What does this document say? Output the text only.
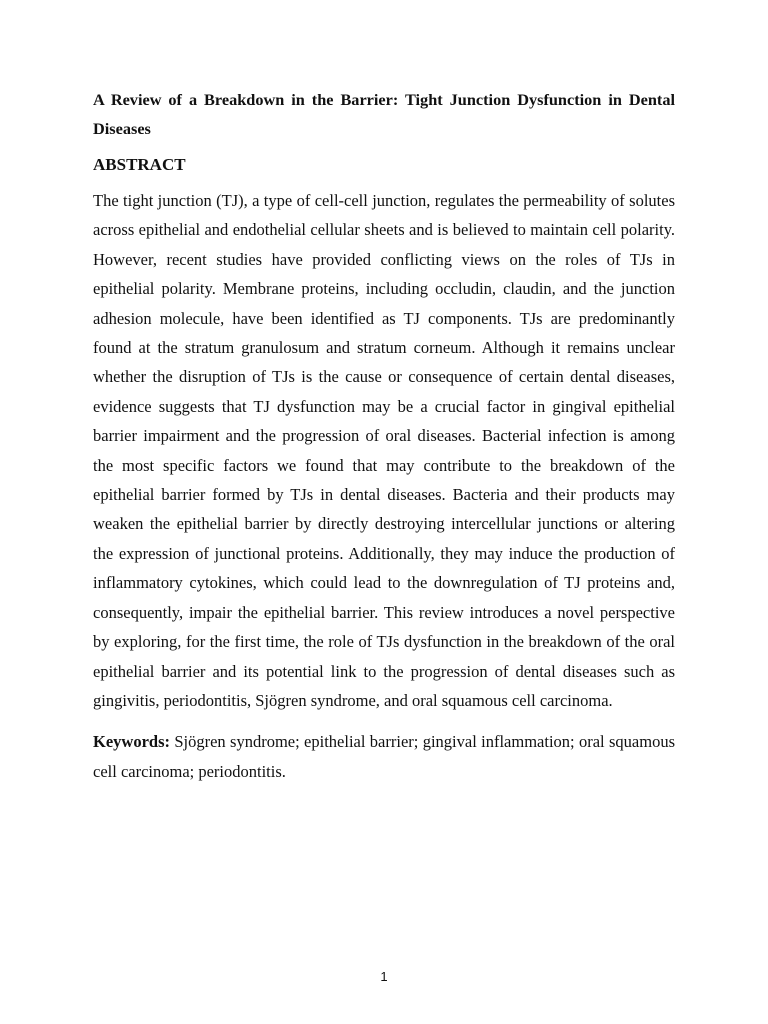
A Review of a Breakdown in the Barrier: Tight Junction Dysfunction in Dental Diseases

ABSTRACT

The tight junction (TJ), a type of cell-cell junction, regulates the permeability of solutes across epithelial and endothelial cellular sheets and is believed to maintain cell polarity. However, recent studies have provided conflicting views on the roles of TJs in epithelial polarity. Membrane proteins, including occludin, claudin, and the junction adhesion molecule, have been identified as TJ components. TJs are predominantly found at the stratum granulosum and stratum corneum. Although it remains unclear whether the disruption of TJs is the cause or consequence of certain dental diseases, evidence suggests that TJ dysfunction may be a crucial factor in gingival epithelial barrier impairment and the progression of oral diseases. Bacterial infection is among the most specific factors we found that may contribute to the breakdown of the epithelial barrier formed by TJs in dental diseases. Bacteria and their products may weaken the epithelial barrier by directly destroying intercellular junctions or altering the expression of junctional proteins. Additionally, they may induce the production of inflammatory cytokines, which could lead to the downregulation of TJ proteins and, consequently, impair the epithelial barrier. This review introduces a novel perspective by exploring, for the first time, the role of TJs dysfunction in the breakdown of the oral epithelial barrier and its potential link to the progression of dental diseases such as gingivitis, periodontitis, Sjögren syndrome, and oral squamous cell carcinoma.

Keywords: Sjögren syndrome; epithelial barrier; gingival inflammation; oral squamous cell carcinoma; periodontitis.

1
